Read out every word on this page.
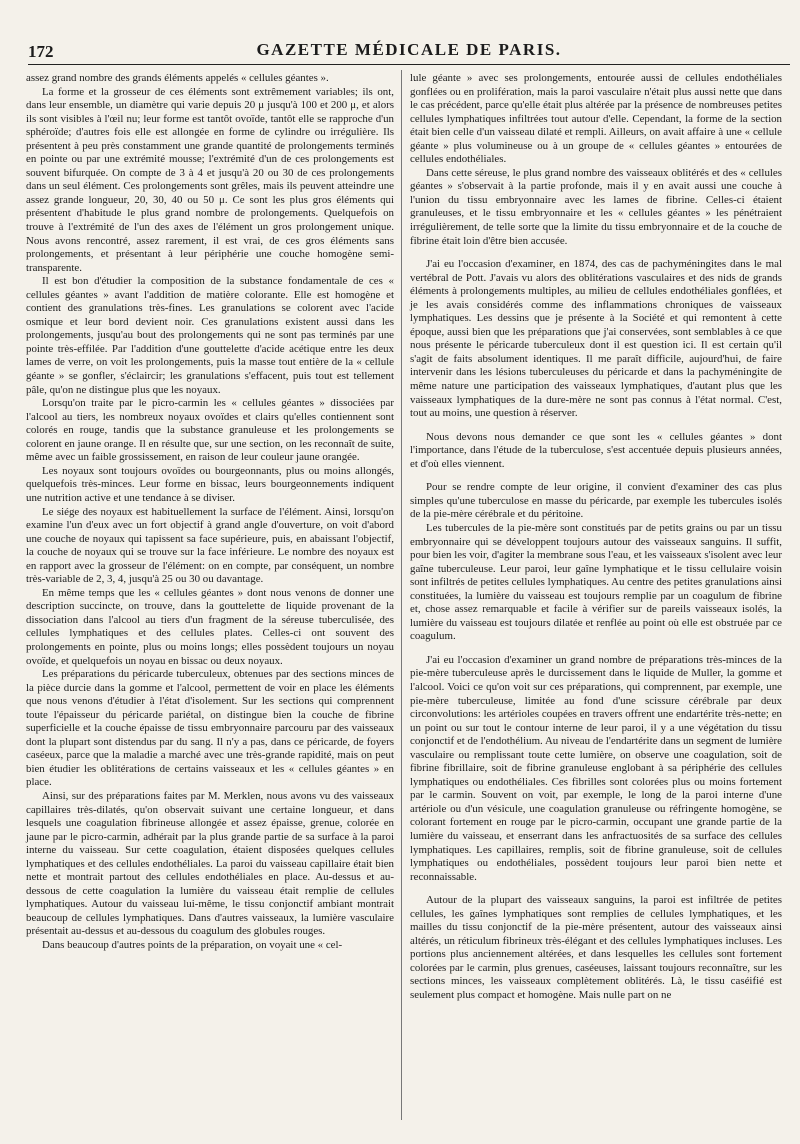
172	GAZETTE MÉDICALE DE PARIS.

assez grand nombre des grands éléments appelés « cellules géantes ».

La forme et la grosseur de ces éléments sont extrêmement variables; ils ont, dans leur ensemble, un diamètre qui varie depuis 20 μ jusqu'à 100 et 200 μ, et alors ils sont visibles à l'œil nu; leur forme est tantôt ovoïde, tantôt elle se rapproche d'un sphéroïde; d'autres fois elle est allongée en forme de cylindre ou irrégulière. Ils présentent à peu près constamment une grande quantité de prolongements terminés en pointe ou par une extrémité mousse; l'extrémité d'un de ces prolongements est souvent bifurquée. On compte de 3 à 4 et jusqu'à 20 ou 30 de ces prolongements dans un seul élément. Ces prolongements sont grêles, mais ils peuvent atteindre une assez grande longueur, 20, 30, 40 ou 50 μ. Ce sont les plus gros éléments qui présentent d'habitude le plus grand nombre de prolongements. Quelquefois on trouve à l'extrémité de l'un des axes de l'élément un gros prolongement unique. Nous avons rencontré, assez rarement, il est vrai, de ces gros éléments sans prolongements, et présentant à leur périphérie une couche homogène semi-transparente.

Il est bon d'étudier la composition de la substance fondamentale de ces « cellules géantes » avant l'addition de matière colorante. Elle est homogène et contient des granulations très-fines. Les granulations se colorent avec l'acide osmique et leur bord devient noir. Ces granulations existent aussi dans les prolongements, jusqu'au bout des prolongements qui ne sont pas terminés par une pointe très-effilée. Par l'addition d'une gouttelette d'acide acétique entre les deux lames de verre, on voit les prolongements, puis la masse tout entière de la « cellule géante » se gonfler, s'éclaircir; les granulations s'effacent, puis tout est tellement pâle, qu'on ne distingue plus que les noyaux.

Lorsqu'on traite par le picro-carmin les « cellules géantes » dissociées par l'alcool au tiers, les nombreux noyaux ovoïdes et clairs qu'elles contiennent sont colorés en rouge, tandis que la substance granuleuse et les prolongements se colorent en jaune orange. Il en résulte que, sur une section, on les reconnaît de suite, même avec un faible grossissement, en raison de leur couleur jaune orangée.

Les noyaux sont toujours ovoïdes ou bourgeonnants, plus ou moins allongés, quelquefois très-minces. Leur forme en bissac, leurs bourgeonnements indiquent une nutrition active et une tendance à se diviser.

Le siége des noyaux est habituellement la surface de l'élément. Ainsi, lorsqu'on examine l'un d'eux avec un fort objectif à grand angle d'ouverture, on voit d'abord une couche de noyaux qui tapissent sa face supérieure, puis, en abaissant l'objectif, la couche de noyaux qui se trouve sur la face inférieure. Le nombre des noyaux est en rapport avec la grosseur de l'élément: on en compte, par conséquent, un nombre très-variable de 2, 3, 4, jusqu'à 25 ou 30 ou davantage.

En même temps que les « cellules géantes » dont nous venons de donner une description succincte, on trouve, dans la gouttelette de liquide provenant de la dissociation dans l'alcool au tiers d'un fragment de la séreuse tuberculisée, des cellules lymphatiques et des cellules plates. Celles-ci ont souvent des prolongements en pointe, plus ou moins longs; elles possèdent toujours un noyau ovoïde, et quelquefois un noyau en bissac ou deux noyaux.

Les préparations du péricarde tuberculeux, obtenues par des sections minces de la pièce durcie dans la gomme et l'alcool, permettent de voir en place les éléments que nous venons d'étudier à l'état d'isolement. Sur les sections qui comprennent toute l'épaisseur du péricarde pariétal, on distingue bien la couche de fibrine superficielle et la couche épaisse de tissu embryonnaire parcouru par des vaisseaux dont la plupart sont distendus par du sang. Il n'y a pas, dans ce péricarde, de foyers caséeux, parce que la maladie a marché avec une très-grande rapidité, mais on peut bien étudier les oblitérations de certains vaisseaux et les « cellules géantes » en place.

Ainsi, sur des préparations faites par M. Merklen, nous avons vu des vaisseaux capillaires très-dilatés, qu'on observait suivant une certaine longueur, et dans lesquels une coagulation fibrineuse allongée et assez épaisse, grenue, colorée en jaune par le picro-carmin, adhérait par la plus grande partie de sa surface à la paroi interne du vaisseau. Sur cette coagulation, étaient disposées quelques cellules lymphatiques et des cellules endothéliales. La paroi du vaisseau capillaire était bien nette et montrait partout des cellules endothéliales en place. Au-dessus et au-dessous de cette coagulation la lumière du vaisseau était remplie de cellules lymphatiques. Autour du vaisseau lui-même, le tissu conjonctif ambiant montrait beaucoup de cellules lymphatiques. Dans d'autres vaisseaux, la lumière vasculaire présentait au-dessus et au-dessous du coagulum des globules rouges.

Dans beaucoup d'autres points de la préparation, on voyait une « cel-

lule géante » avec ses prolongements, entourée aussi de cellules endothéliales gonflées ou en prolifération, mais la paroi vasculaire n'était plus aussi nette que dans le cas précédent, parce qu'elle était plus altérée par la présence de nombreuses petites cellules lymphatiques infiltrées tout autour d'elle. Cependant, la forme de la section était bien celle d'un vaisseau dilaté et rempli. Ailleurs, on avait affaire à une « cellule géante » plus volumineuse ou à un groupe de « cellules géantes » entourées de cellules endothéliales.

Dans cette séreuse, le plus grand nombre des vaisseaux oblitérés et des « cellules géantes » s'observait à la partie profonde, mais il y en avait aussi une couche à l'union du tissu embryonnaire avec les lames de fibrine. Celles-ci étaient granuleuses, et le tissu embryonnaire et les « cellules géantes » les pénétraient irrégulièrement, de telle sorte que la limite du tissu embryonnaire et de la couche de fibrine était loin d'être bien accusée.

J'ai eu l'occasion d'examiner, en 1874, des cas de pachyméningites dans le mal vertébral de Pott. J'avais vu alors des oblitérations vasculaires et des nids de grands éléments à prolongements multiples, au milieu de cellules endothéliales gonflées, et je les avais considérés comme des inflammations chroniques de vaisseaux lymphatiques. Les dessins que je présente à la Société et qui remontent à cette époque, aussi bien que les préparations que j'ai conservées, sont semblables à ce que nous présente le péricarde tuberculeux dont il est question ici. Il est certain qu'il s'agit de faits absolument identiques. Il me paraît difficile, aujourd'hui, de faire intervenir dans les lésions tuberculeuses du péricarde et dans la pachyméningite de même nature une participation des vaisseaux lymphatiques, d'autant plus que les vaisseaux lymphatiques de la dure-mère ne sont pas connus à l'état normal. C'est, tout au moins, une question à réserver.

Nous devons nous demander ce que sont les « cellules géantes » dont l'importance, dans l'étude de la tuberculose, s'est accentuée depuis plusieurs années, et d'où elles viennent.

Pour se rendre compte de leur origine, il convient d'examiner des cas plus simples qu'une tuberculose en masse du péricarde, par exemple les tubercules isolés de la pie-mère cérébrale et du péritoine.

Les tubercules de la pie-mère sont constitués par de petits grains ou par un tissu embryonnaire qui se développent toujours autour des vaisseaux sanguins. Il suffit, pour bien les voir, d'agiter la membrane sous l'eau, et les vaisseaux s'isolent avec leur gaîne tuberculeuse. Leur paroi, leur gaîne lymphatique et le tissu cellulaire voisin sont infiltrés de petites cellules lymphatiques. Au centre des petites granulations ainsi constituées, la lumière du vaisseau est toujours remplie par un coagulum de fibrine et, chose assez remarquable et facile à vérifier sur de pareils vaisseaux isolés, la lumière du vaisseau est toujours dilatée et renflée au point où elle est obstruée par ce coagulum.

J'ai eu l'occasion d'examiner un grand nombre de préparations très-minces de la pie-mère tuberculeuse après le durcissement dans le liquide de Muller, la gomme et l'alcool. Voici ce qu'on voit sur ces préparations, qui comprennent, par exemple, une pie-mère tuberculeuse, limitée au fond d'une scissure cérébrale par deux circonvolutions: les artérioles coupées en travers offrent une endartérite très-nette; en un point ou sur tout le contour interne de leur paroi, il y a une végétation du tissu conjonctif et de l'endothélium. Au niveau de l'endartérite dans un segment de lumière vasculaire ou remplissant toute cette lumière, on observe une coagulation, soit de fibrine fibrillaire, soit de fibrine granuleuse englobant à sa périphérie des cellules lymphatiques ou endothéliales. Ces fibrilles sont colorées plus ou moins fortement par le carmin. Souvent on voit, par exemple, le long de la paroi interne d'une artériole ou d'un vésicule, une coagulation granuleuse ou réfringente homogène, se colorant fortement en rouge par le picro-carmin, occupant une grande partie de la lumière du vaisseau, et enserrant dans les anfractuosités de sa surface des cellules lymphatiques. Les capillaires, remplis, soit de fibrine granuleuse, soit de cellules lymphatiques ou endothéliales, possèdent toujours leur paroi bien nette et reconnaissable.

Autour de la plupart des vaisseaux sanguins, la paroi est infiltrée de petites cellules, les gaînes lymphatiques sont remplies de cellules lymphatiques, et les mailles du tissu conjonctif de la pie-mère présentent, autour des vaisseaux ainsi altérés, un réticulum fibrineux très-élégant et des cellules lymphatiques incluses. Les portions plus anciennement altérées, et dans lesquelles les cellules sont fortement colorées par le carmin, plus grenues, caséeuses, laissant toujours reconnaître, sur les sections minces, les vaisseaux complètement oblitérés. Là, le tissu caséifié est seulement plus compact et homogène. Mais nulle part on ne
